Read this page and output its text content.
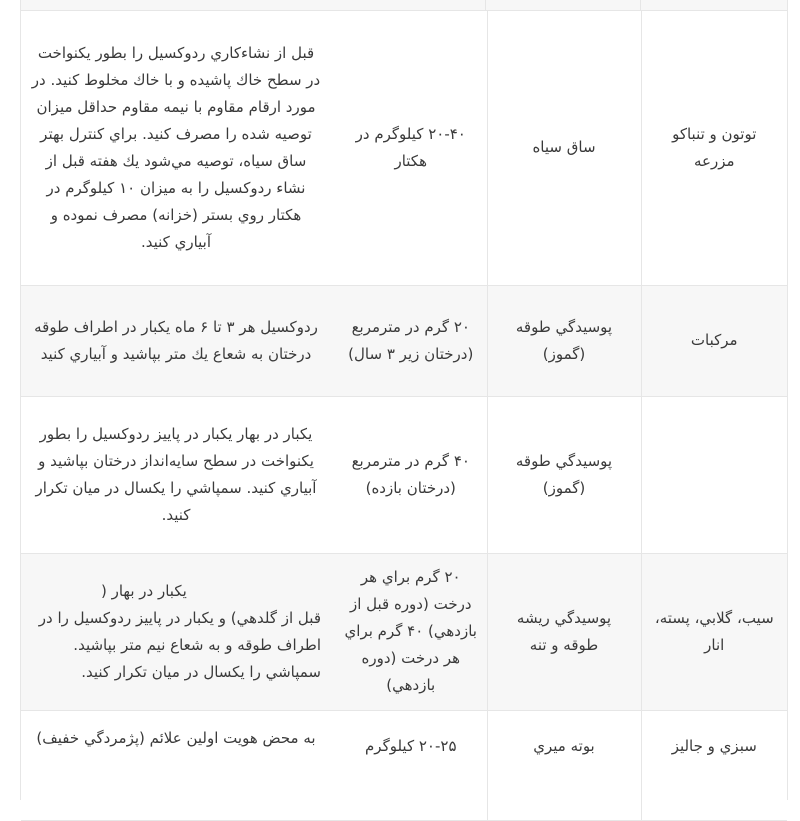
توتون و تنباكو مزرعه	ساق سياه	۲۰-۴۰ كيلوگرم در هكتار	قبل از نشاءكاري ردوكسيل را بطور يكنواخت در سطح خاك پاشيده و با خاك مخلوط كنيد. در مورد ارقام مقاوم با نيمه مقاوم حداقل ميزان توصيه شده را مصرف كنيد. براي كنترل بهتر ساق سياه، توصيه مي‌شود يك هفته قبل از نشاء ردوكسيل را به ميزان ۱۰ كيلوگرم در هكتار روي بستر (خزانه) مصرف نموده و آبياري كنيد.
مركبات	پوسيدگي طوقه (گموز)	۲۰ گرم در مترمربع (درختان زير ۳ سال)	ردوكسيل هر ۳ تا ۶ ماه يكبار در اطراف طوقه درختان به شعاع يك متر بپاشيد و آبياري كنيد
	پوسيدگي طوقه (گموز)	۴۰ گرم در مترمربع (درختان بازده)	يكبار در بهار يكبار در پاييز ردوكسيل را بطور يكنواخت در سطح سايه‌انداز درختان بپاشيد و آبياري كنيد. سمپاشي را يكسال در ميان تكرار كنيد.
سيب، گلابي، پسته، انار	پوسيدگي ريشه طوقه و تنه	۲۰ گرم براي هر درخت (دوره قبل از بازدهي) ۴۰ گرم براي هر درخت (دوره بازدهي)	يكبار در بهار (
قبل از گلدهي) و يكبار در پاييز ردوكسيل را در اطراف طوقه و به شعاع نيم متر بپاشيد. سمپاشي را يكسال در ميان تكرار كنيد.

سبزي و جاليز	بوته ميري	۲۰-۲۵ كيلوگرم	به محض هويت اولين علائم (پژمردگي خفيف)
